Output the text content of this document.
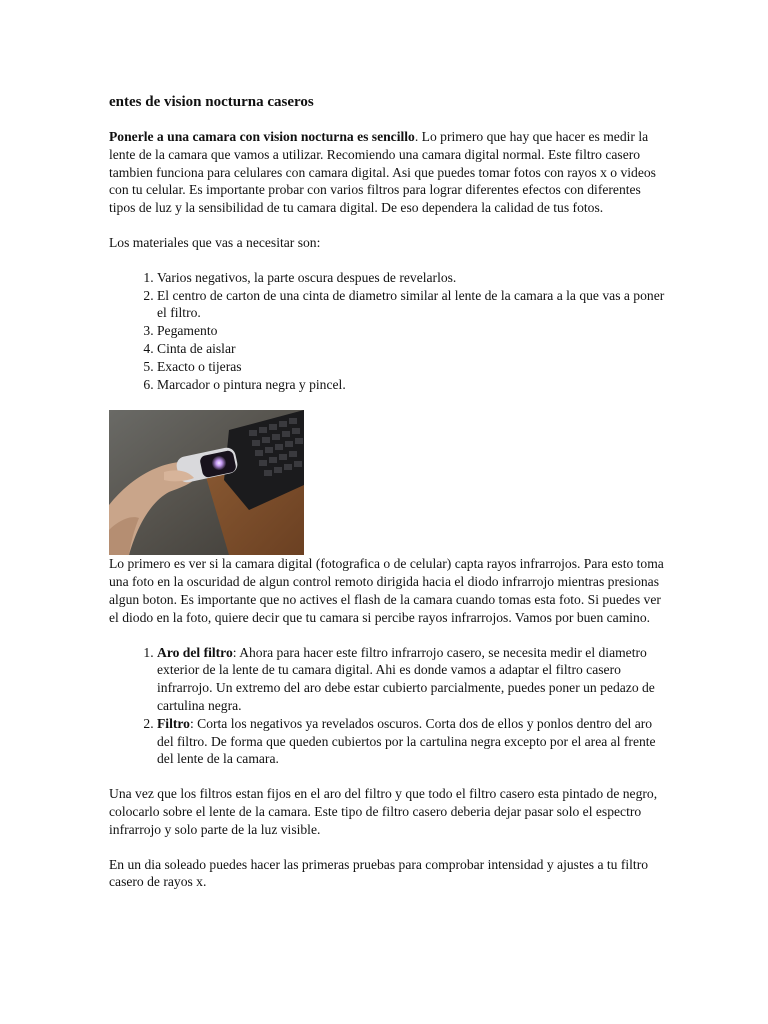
entes de vision nocturna caseros

Ponerle a una camara con vision nocturna es sencillo. Lo primero que hay que hacer es medir la lente de la camara que vamos a utilizar. Recomiendo una camara digital normal. Este filtro casero tambien funciona para celulares con camara digital. Asi que puedes tomar fotos con rayos x o videos con tu celular. Es importante probar con varios filtros para lograr diferentes efectos con diferentes tipos de luz y la sensibilidad de tu camara digital. De eso dependera la calidad de tus fotos.

Los materiales que vas a necesitar son:

1. Varios negativos, la parte oscura despues de revelarlos.
2. El centro de carton de una cinta de diametro similar al lente de la camara a la que vas a poner el filtro.
3. Pegamento
4. Cinta de aislar
5. Exacto o tijeras
6. Marcador o pintura negra y pincel.

Lo primero es ver si la camara digital (fotografica o de celular) capta rayos infrarrojos. Para esto toma una foto en la oscuridad de algun control remoto dirigida hacia el diodo infrarrojo mientras presionas algun boton. Es importante que no actives el flash de la camara cuando tomas esta foto. Si puedes ver el diodo en la foto, quiere decir que tu camara si percibe rayos infrarrojos. Vamos por buen camino.

1. Aro del filtro: Ahora para hacer este filtro infrarrojo casero, se necesita medir el diametro exterior de la lente de tu camara digital. Ahi es donde vamos a adaptar el filtro casero infrarrojo. Un extremo del aro debe estar cubierto parcialmente, puedes poner un pedazo de cartulina negra.
2. Filtro: Corta los negativos ya revelados oscuros. Corta dos de ellos y ponlos dentro del aro del filtro. De forma que queden cubiertos por la cartulina negra excepto por el area al frente del lente de la camara.

Una vez que los filtros estan fijos en el aro del filtro y que todo el filtro casero esta pintado de negro, colocarlo sobre el lente de la camara. Este tipo de filtro casero deberia dejar pasar solo el espectro infrarrojo y solo parte de la luz visible.

En un dia soleado puedes hacer las primeras pruebas para comprobar intensidad y ajustes a tu filtro casero de rayos x.
